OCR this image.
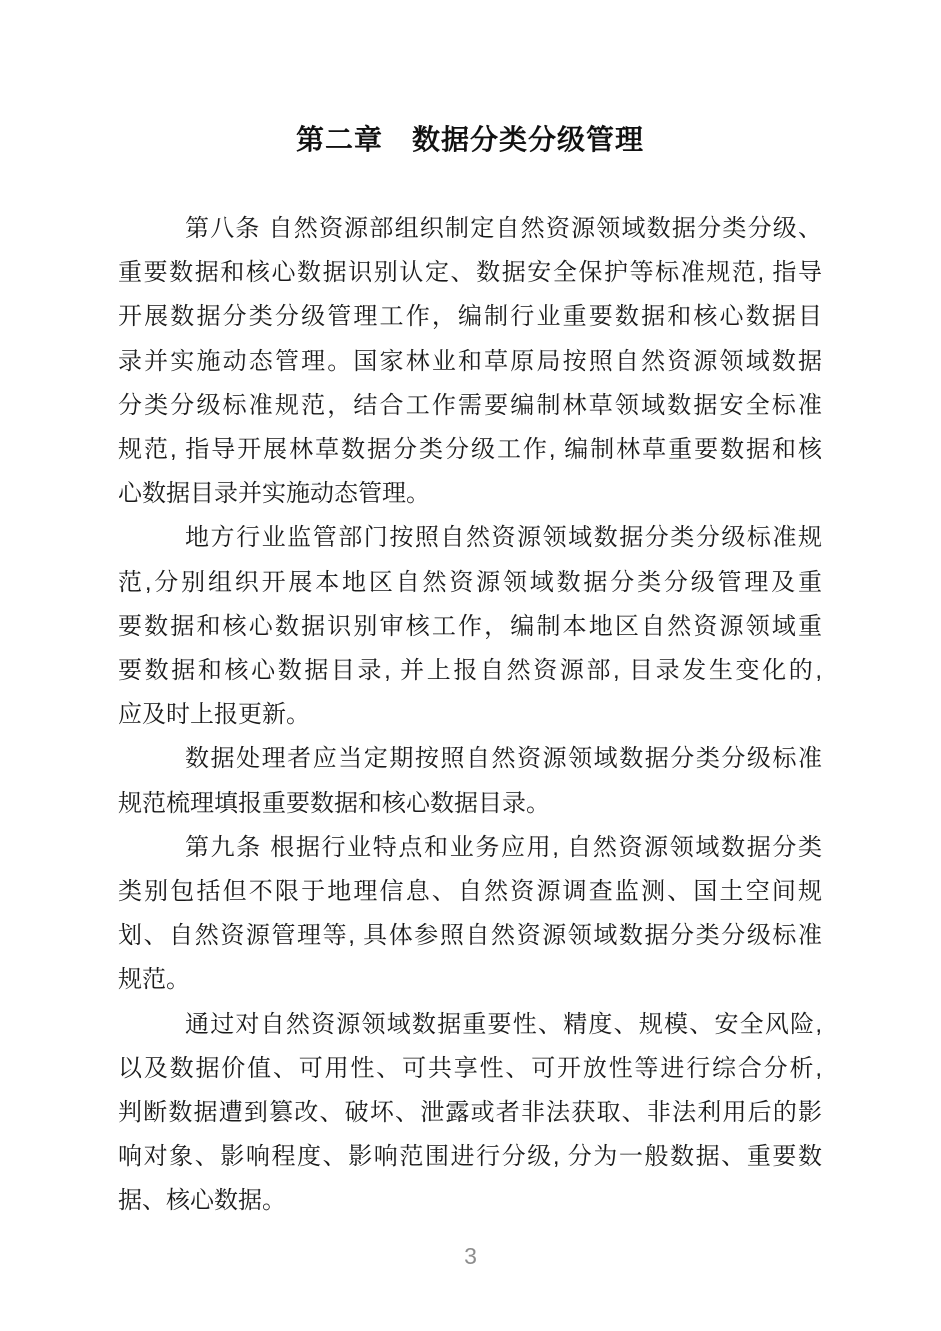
第二章　数据分类分级管理
第八条 自然资源部组织制定自然资源领域数据分类分级、
重要数据和核心数据识别认定、数据安全保护等标准规范, 指导
开展数据分类分级管理工作，编制行业重要数据和核心数据目
录并实施动态管理。国家林业和草原局按照自然资源领域数据
分类分级标准规范，结合工作需要编制林草领域数据安全标准
规范, 指导开展林草数据分类分级工作, 编制林草重要数据和核
心数据目录并实施动态管理。
地方行业监管部门按照自然资源领域数据分类分级标准规
范,分别组织开展本地区自然资源领域数据分类分级管理及重
要数据和核心数据识别审核工作，编制本地区自然资源领域重
要数据和核心数据目录, 并上报自然资源部, 目录发生变化的,
应及时上报更新。
数据处理者应当定期按照自然资源领域数据分类分级标准
规范梳理填报重要数据和核心数据目录。
第九条 根据行业特点和业务应用, 自然资源领域数据分类
类别包括但不限于地理信息、自然资源调查监测、国土空间规
划、自然资源管理等, 具体参照自然资源领域数据分类分级标准
规范。
通过对自然资源领域数据重要性、精度、规模、安全风险,
以及数据价值、可用性、可共享性、可开放性等进行综合分析,
判断数据遭到篡改、破坏、泄露或者非法获取、非法利用后的影
响对象、影响程度、影响范围进行分级, 分为一般数据、重要数
据、核心数据。
3
